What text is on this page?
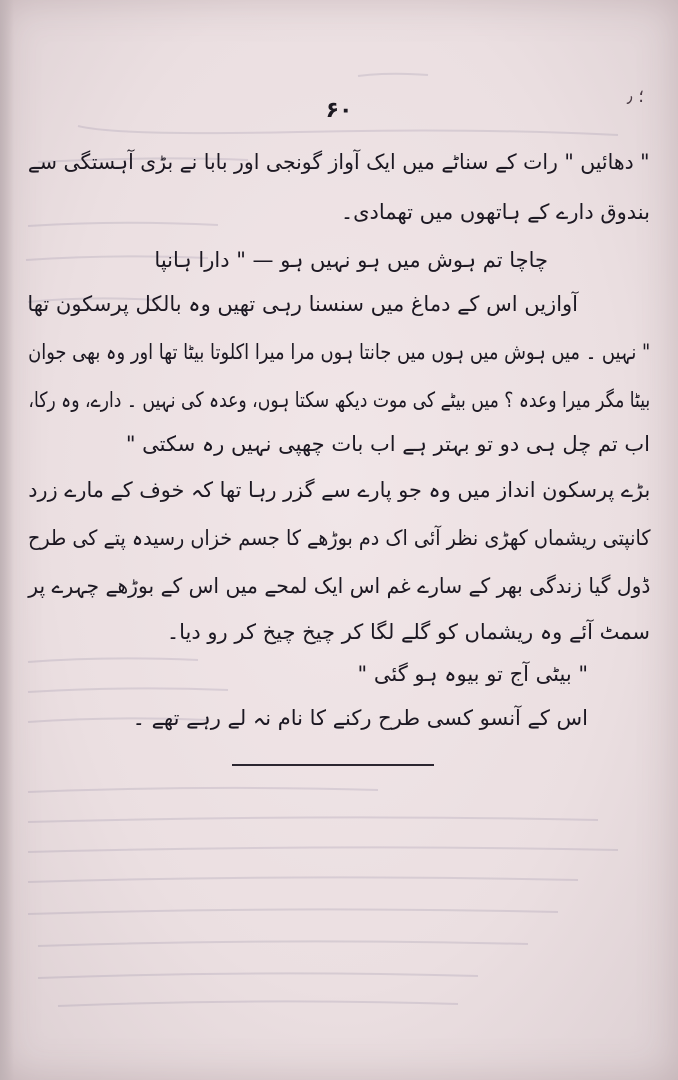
؛ ٫
۶۰
" دھائیں " رات کے سناٹے میں ایک آواز گونجی اور بابا نے بڑی آہستگی سے
بندوق دارے کے ہاتھوں میں تھمادی۔
چاچا تم ہوش میں ہو نہیں ہو — " دارا ہانپا
آوازیں اس کے دماغ میں سنسنا رہی تھیں وہ بالکل پرسکون تھا
" نہیں ۔ میں ہوش میں ہوں میں جانتا ہوں مرا میرا اکلوتا بیٹا تھا اور وہ بھی جوان
بیٹا مگر میرا وعدہ ؟ میں بیٹے کی موت دیکھ سکتا ہوں، وعدہ کی نہیں ۔ دارے، وہ رکا،
اب تم چل ہی دو تو بہتر ہے اب بات چھپی نہیں رہ سکتی "
بڑے پرسکون انداز میں وہ جو پارے سے گزر رہا تھا کہ خوف کے مارے زرد
کانپتی ریشماں کھڑی نظر آئی اک دم بوڑھے کا جسم خزاں رسیدہ پتے کی طرح
ڈول گیا زندگی بھر کے سارے غم اس ایک لمحے میں اس کے بوڑھے چہرے پر
سمٹ آئے وہ ریشماں کو گلے لگا کر چیخ چیخ کر رو دیا۔
" بیٹی آج تو بیوہ ہو گئی "
اس کے آنسو کسی طرح رکنے کا نام نہ لے رہے تھے ۔
